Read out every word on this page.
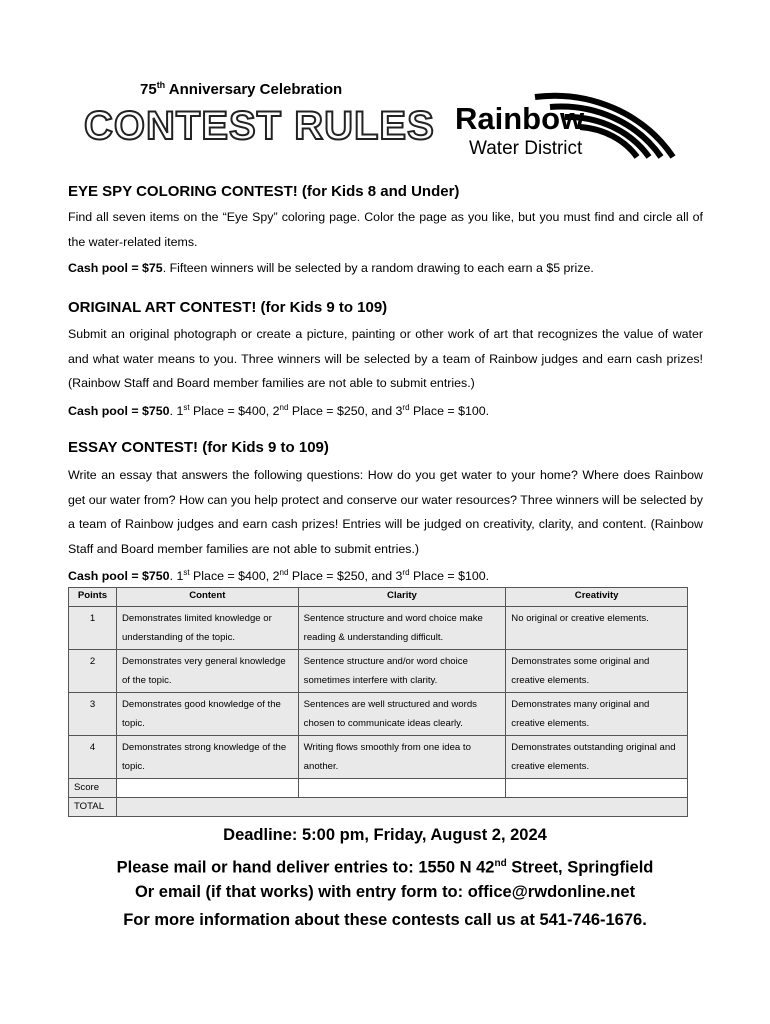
75th Anniversary Celebration
CONTEST RULES Rainbow
Water District
EYE SPY COLORING CONTEST! (for Kids 8 and Under)
Find all seven items on the “Eye Spy” coloring page. Color the page as you like, but you must find and circle all of the water-related items.
Cash pool = $75. Fifteen winners will be selected by a random drawing to each earn a $5 prize.
ORIGINAL ART CONTEST! (for Kids 9 to 109)
Submit an original photograph or create a picture, painting or other work of art that recognizes the value of water and what water means to you. Three winners will be selected by a team of Rainbow judges and earn cash prizes! (Rainbow Staff and Board member families are not able to submit entries.)
Cash pool = $750. 1st Place = $400, 2nd Place = $250, and 3rd Place = $100.
ESSAY CONTEST! (for Kids 9 to 109)
Write an essay that answers the following questions: How do you get water to your home? Where does Rainbow get our water from? How can you help protect and conserve our water resources? Three winners will be selected by a team of Rainbow judges and earn cash prizes! Entries will be judged on creativity, clarity, and content. (Rainbow Staff and Board member families are not able to submit entries.)
Cash pool = $750. 1st Place = $400, 2nd Place = $250, and 3rd Place = $100.
Points	Content	Clarity	Creativity
1	Demonstrates limited knowledge or understanding of the topic.	Sentence structure and word choice make reading & understanding difficult.	No original or creative elements.
2	Demonstrates very general knowledge of the topic.	Sentence structure and/or word choice sometimes interfere with clarity.	Demonstrates some original and creative elements.
3	Demonstrates good knowledge of the topic.	Sentences are well structured and words chosen to communicate ideas clearly.	Demonstrates many original and creative elements.
4	Demonstrates strong knowledge of the topic.	Writing flows smoothly from one idea to another.	Demonstrates outstanding original and creative elements.
Score			
TOTAL			
Deadline: 5:00 pm, Friday, August 2, 2024
Please mail or hand deliver entries to: 1550 N 42nd Street, Springfield
Or email (if that works) with entry form to: office@rwdonline.net
For more information about these contests call us at 541-746-1676.
